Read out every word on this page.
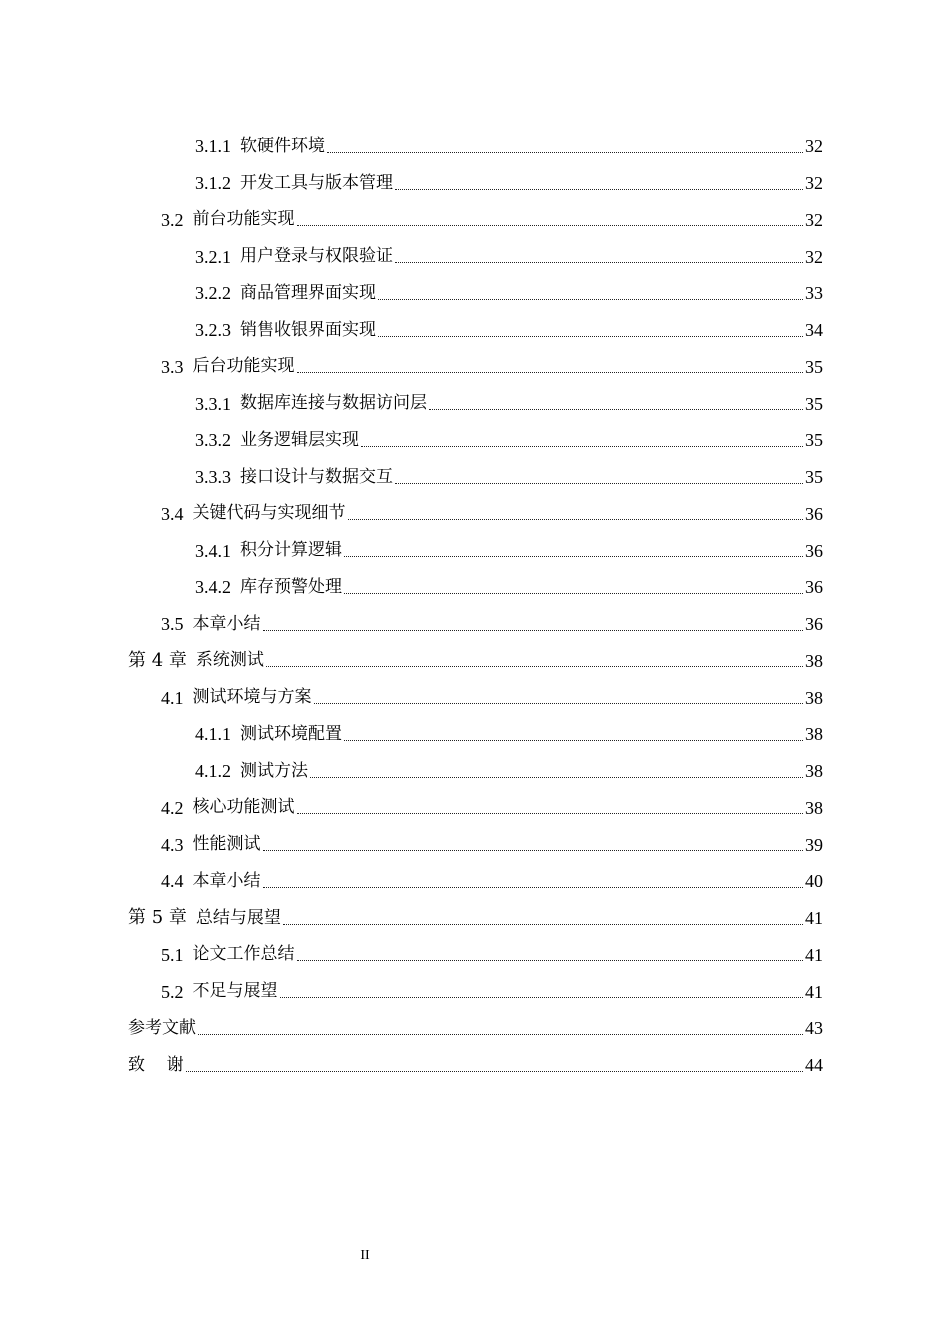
3.1.1 软硬件环境	32
3.1.2 开发工具与版本管理	32
3.2 前台功能实现	32
3.2.1 用户登录与权限验证	32
3.2.2 商品管理界面实现	33
3.2.3 销售收银界面实现	34
3.3 后台功能实现	35
3.3.1 数据库连接与数据访问层	35
3.3.2 业务逻辑层实现	35
3.3.3 接口设计与数据交互	35
3.4 关键代码与实现细节	36
3.4.1 积分计算逻辑	36
3.4.2 库存预警处理	36
3.5 本章小结	36
第 4 章 系统测试	38
4.1 测试环境与方案	38
4.1.1 测试环境配置	38
4.1.2 测试方法	38
4.2 核心功能测试	38
4.3 性能测试	39
4.4 本章小结	40
第 5 章 总结与展望	41
5.1 论文工作总结	41
5.2 不足与展望	41
参考文献	43
致    谢	44
II
